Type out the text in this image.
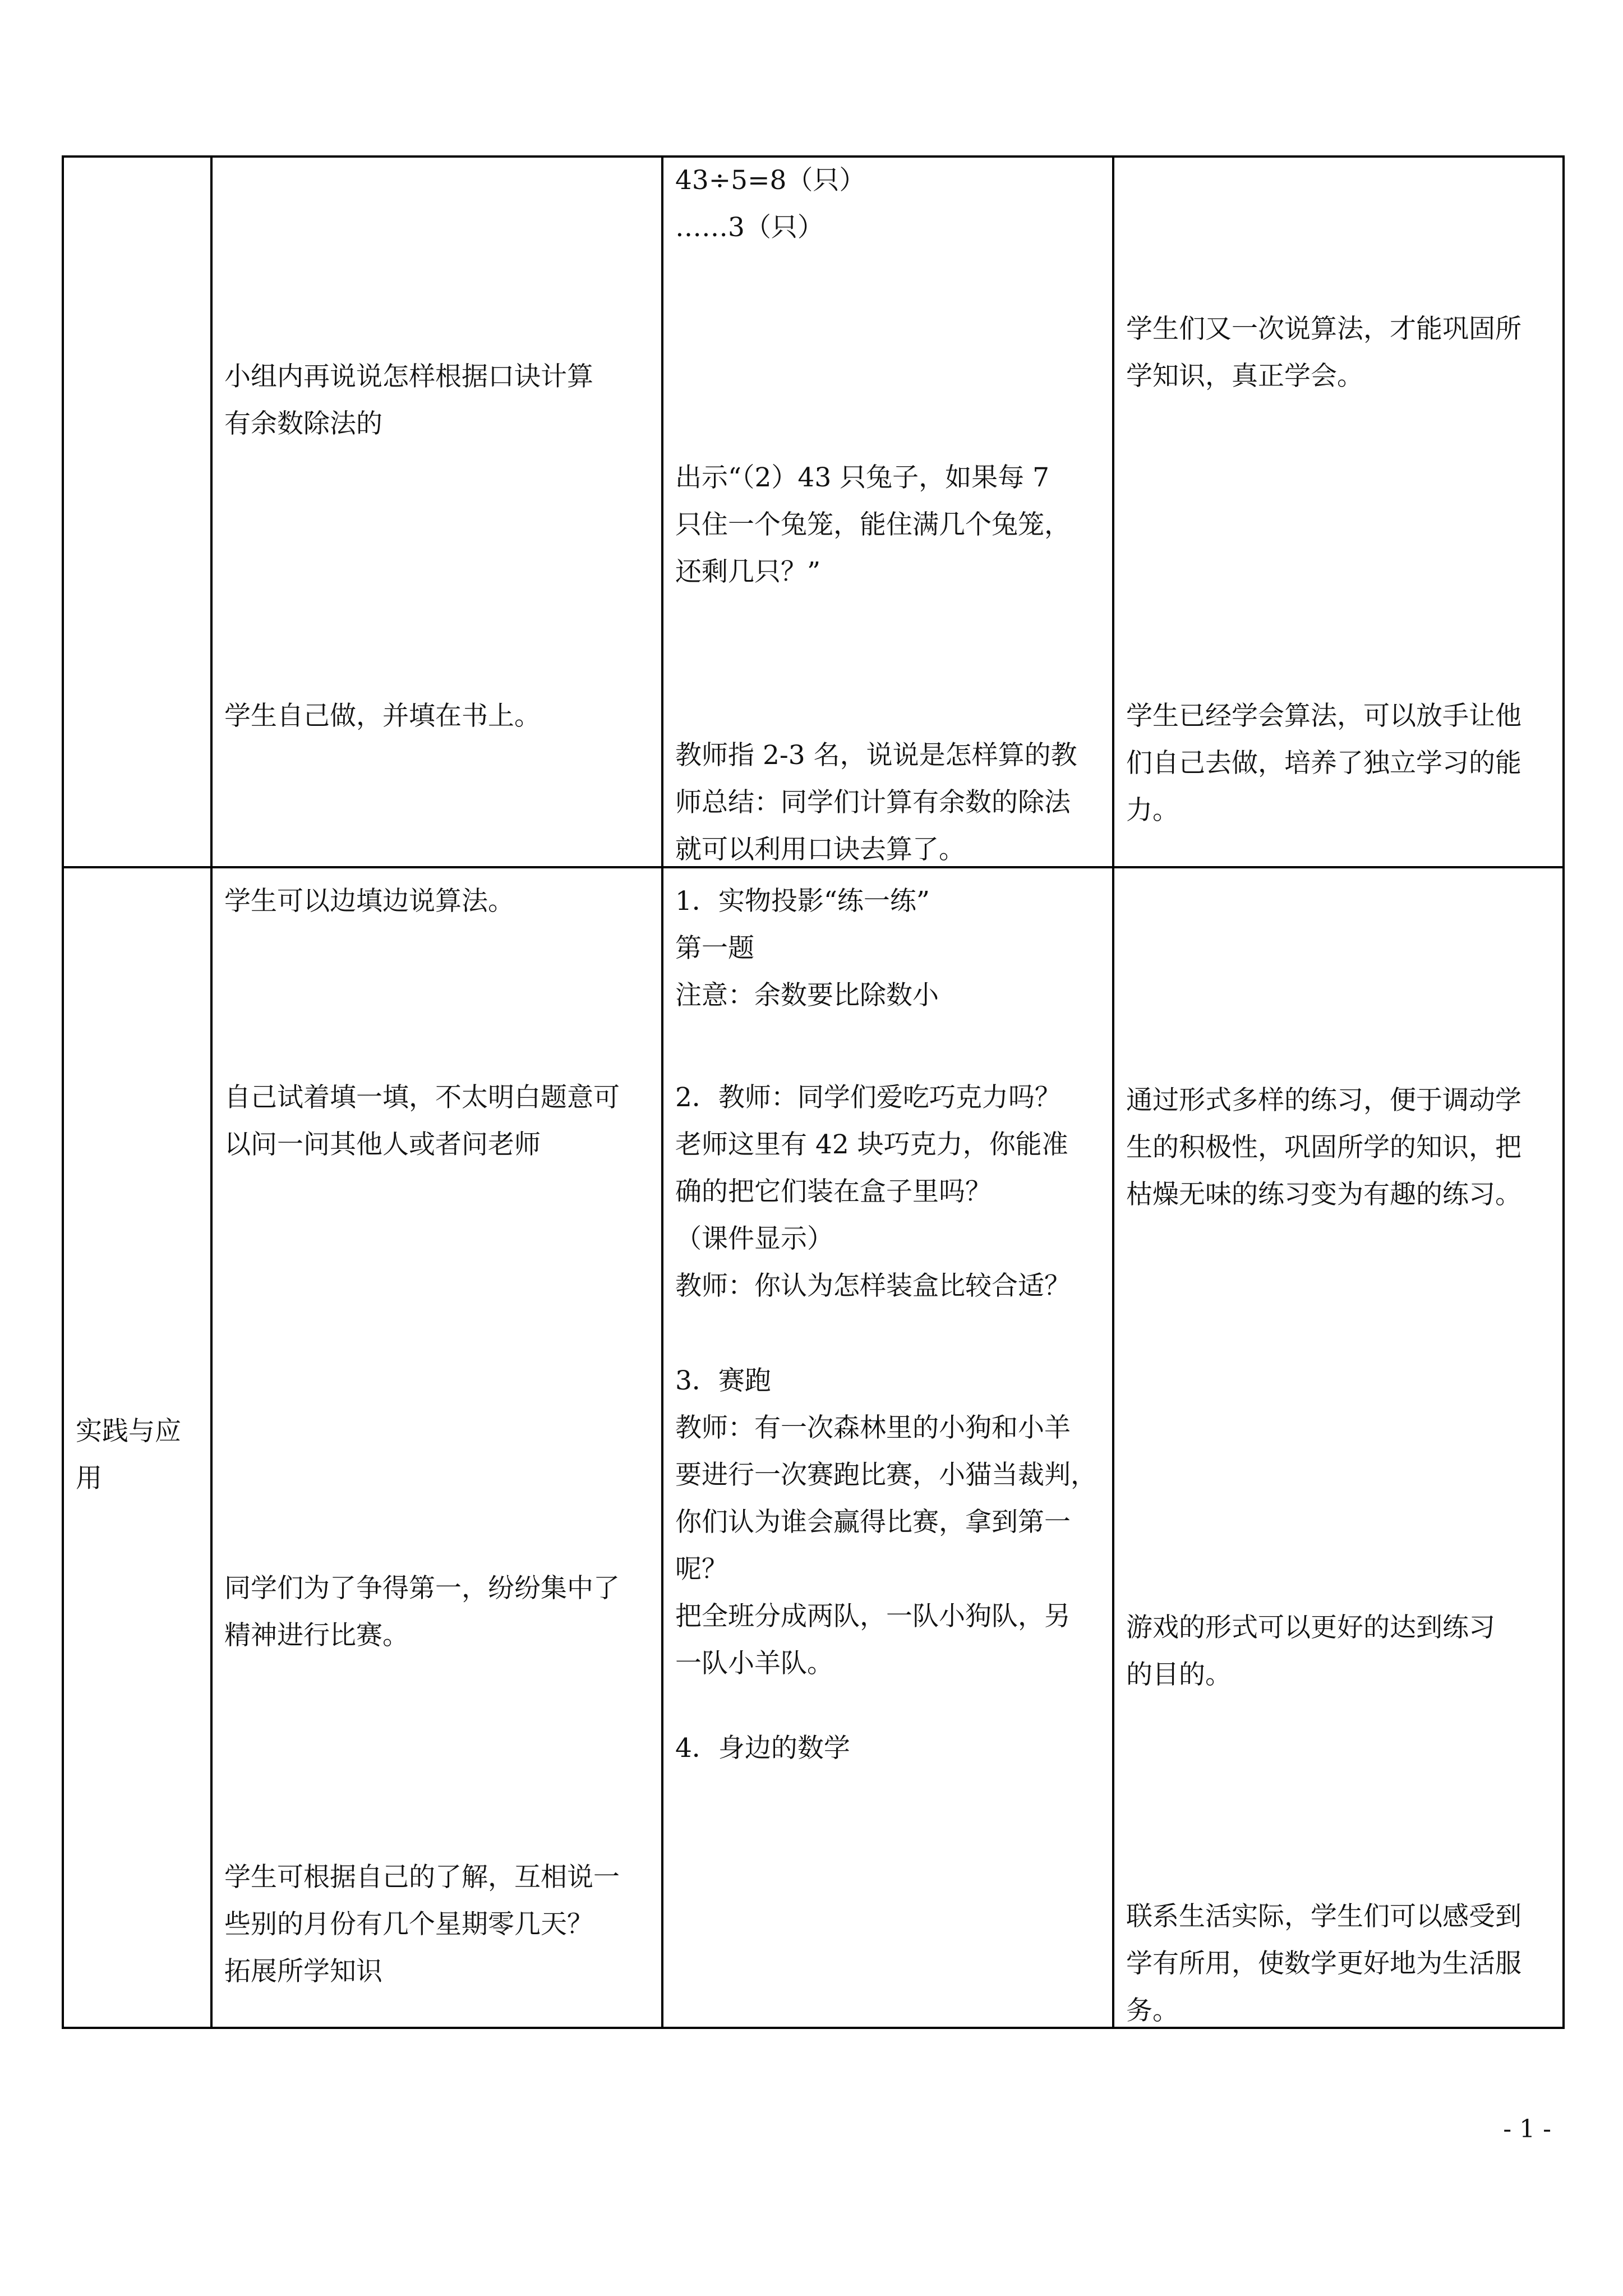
小组内再说说怎样根据口诀计算
有余数除法的
学生自己做，并填在书上。
43÷5=8（只）
……3（只）
出示“（2）43 只兔子，如果每 7
只住一个兔笼，能住满几个兔笼，
还剩几只？”
教师指 2-3 名，说说是怎样算的教
师总结：同学们计算有余数的除法
就可以利用口诀去算了。
学生们又一次说算法，才能巩固所
学知识，真正学会。
学生已经学会算法，可以放手让他
们自己去做，培养了独立学习的能
力。
实践与应
用
学生可以边填边说算法。
自己试着填一填，不太明白题意可
以问一问其他人或者问老师
同学们为了争得第一，纷纷集中了
精神进行比赛。
学生可根据自己的了解，互相说一
些别的月份有几个星期零几天？
拓展所学知识
1．实物投影“练一练”
第一题
注意：余数要比除数小
2．教师：同学们爱吃巧克力吗？
老师这里有 42 块巧克力，你能准
确的把它们装在盒子里吗？
（课件显示）
教师：你认为怎样装盒比较合适？
3．赛跑
教师：有一次森林里的小狗和小羊
要进行一次赛跑比赛，小猫当裁判，
你们认为谁会赢得比赛，拿到第一
呢？
把全班分成两队，一队小狗队，另
一队小羊队。
4．身边的数学
通过形式多样的练习，便于调动学
生的积极性，巩固所学的知识，把
枯燥无味的练习变为有趣的练习。
游戏的形式可以更好的达到练习
的目的。
联系生活实际，学生们可以感受到
学有所用，使数学更好地为生活服
务。
- 1 -
